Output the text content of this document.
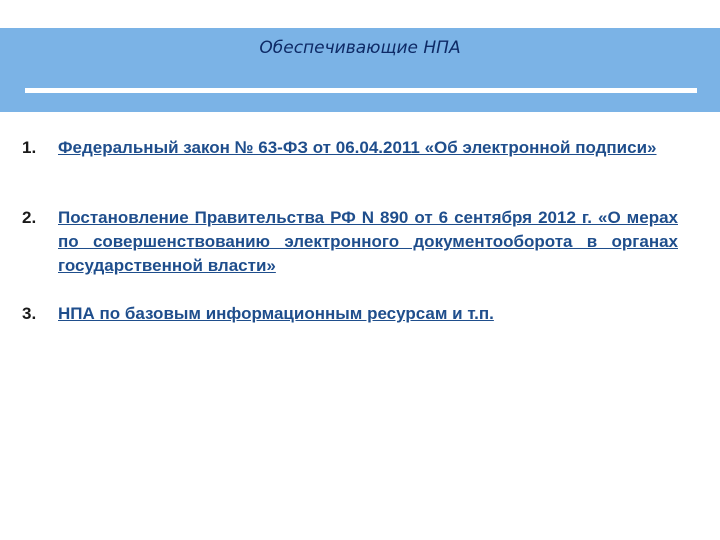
Обеспечивающие НПА
1. Федеральный закон № 63-ФЗ от 06.04.2011 «Об электронной подписи»
2. Постановление Правительства РФ N 890 от 6 сентября 2012 г. «О мерах по совершенствованию электронного документооборота в органах государственной власти»
3. НПА по базовым информационным ресурсам и т.п.
